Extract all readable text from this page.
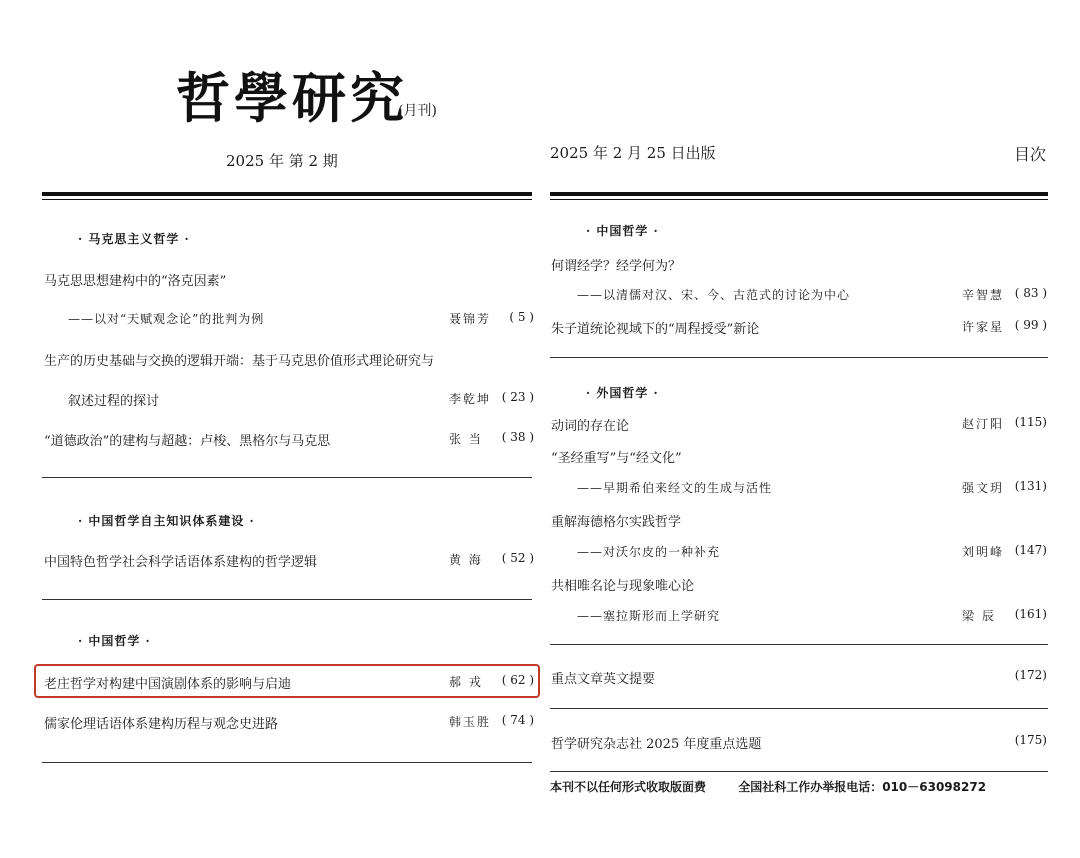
哲學研究
(月刊)
2025 年 第 2 期	2025 年 2 月 25 日出版	目次
· 马克思主义哲学 ·
马克思思想建构中的“洛克因素”
——以对“天赋观念论”的批判为例	聂锦芳 ( 5 )
生产的历史基础与交换的逻辑开端：基于马克思价值形式理论研究与
叙述过程的探讨	李乾坤 ( 23 )
“道德政治”的建构与超越：卢梭、黑格尔与马克思	张 当 ( 38 )
· 中国哲学自主知识体系建设 ·
中国特色哲学社会科学话语体系建构的哲学逻辑	黄 海 ( 52 )
· 中国哲学 ·
老庄哲学对构建中国演剧体系的影响与启迪	郝 戎 ( 62 )
儒家伦理话语体系建构历程与观念史进路	韩玉胜 ( 74 )
· 中国哲学 ·
何谓经学？经学何为？
——以清儒对汉、宋、今、古范式的讨论为中心	辛智慧 ( 83 )
朱子道统论视域下的“周程授受”新论	许家星 ( 99 )
· 外国哲学 ·
动词的存在论	赵汀阳 (115)
“圣经重写”与“经文化”
——早期希伯来经文的生成与活性	强文玥 (131)
重解海德格尔实践哲学
——对沃尔皮的一种补充	刘明峰 (147)
共相唯名论与现象唯心论
——塞拉斯形而上学研究	梁 辰 (161)
重点文章英文提要	(172)
哲学研究杂志社 2025 年度重点选题	(175)
本刊不以任何形式收取版面费	全国社科工作办举报电话：010－63098272
